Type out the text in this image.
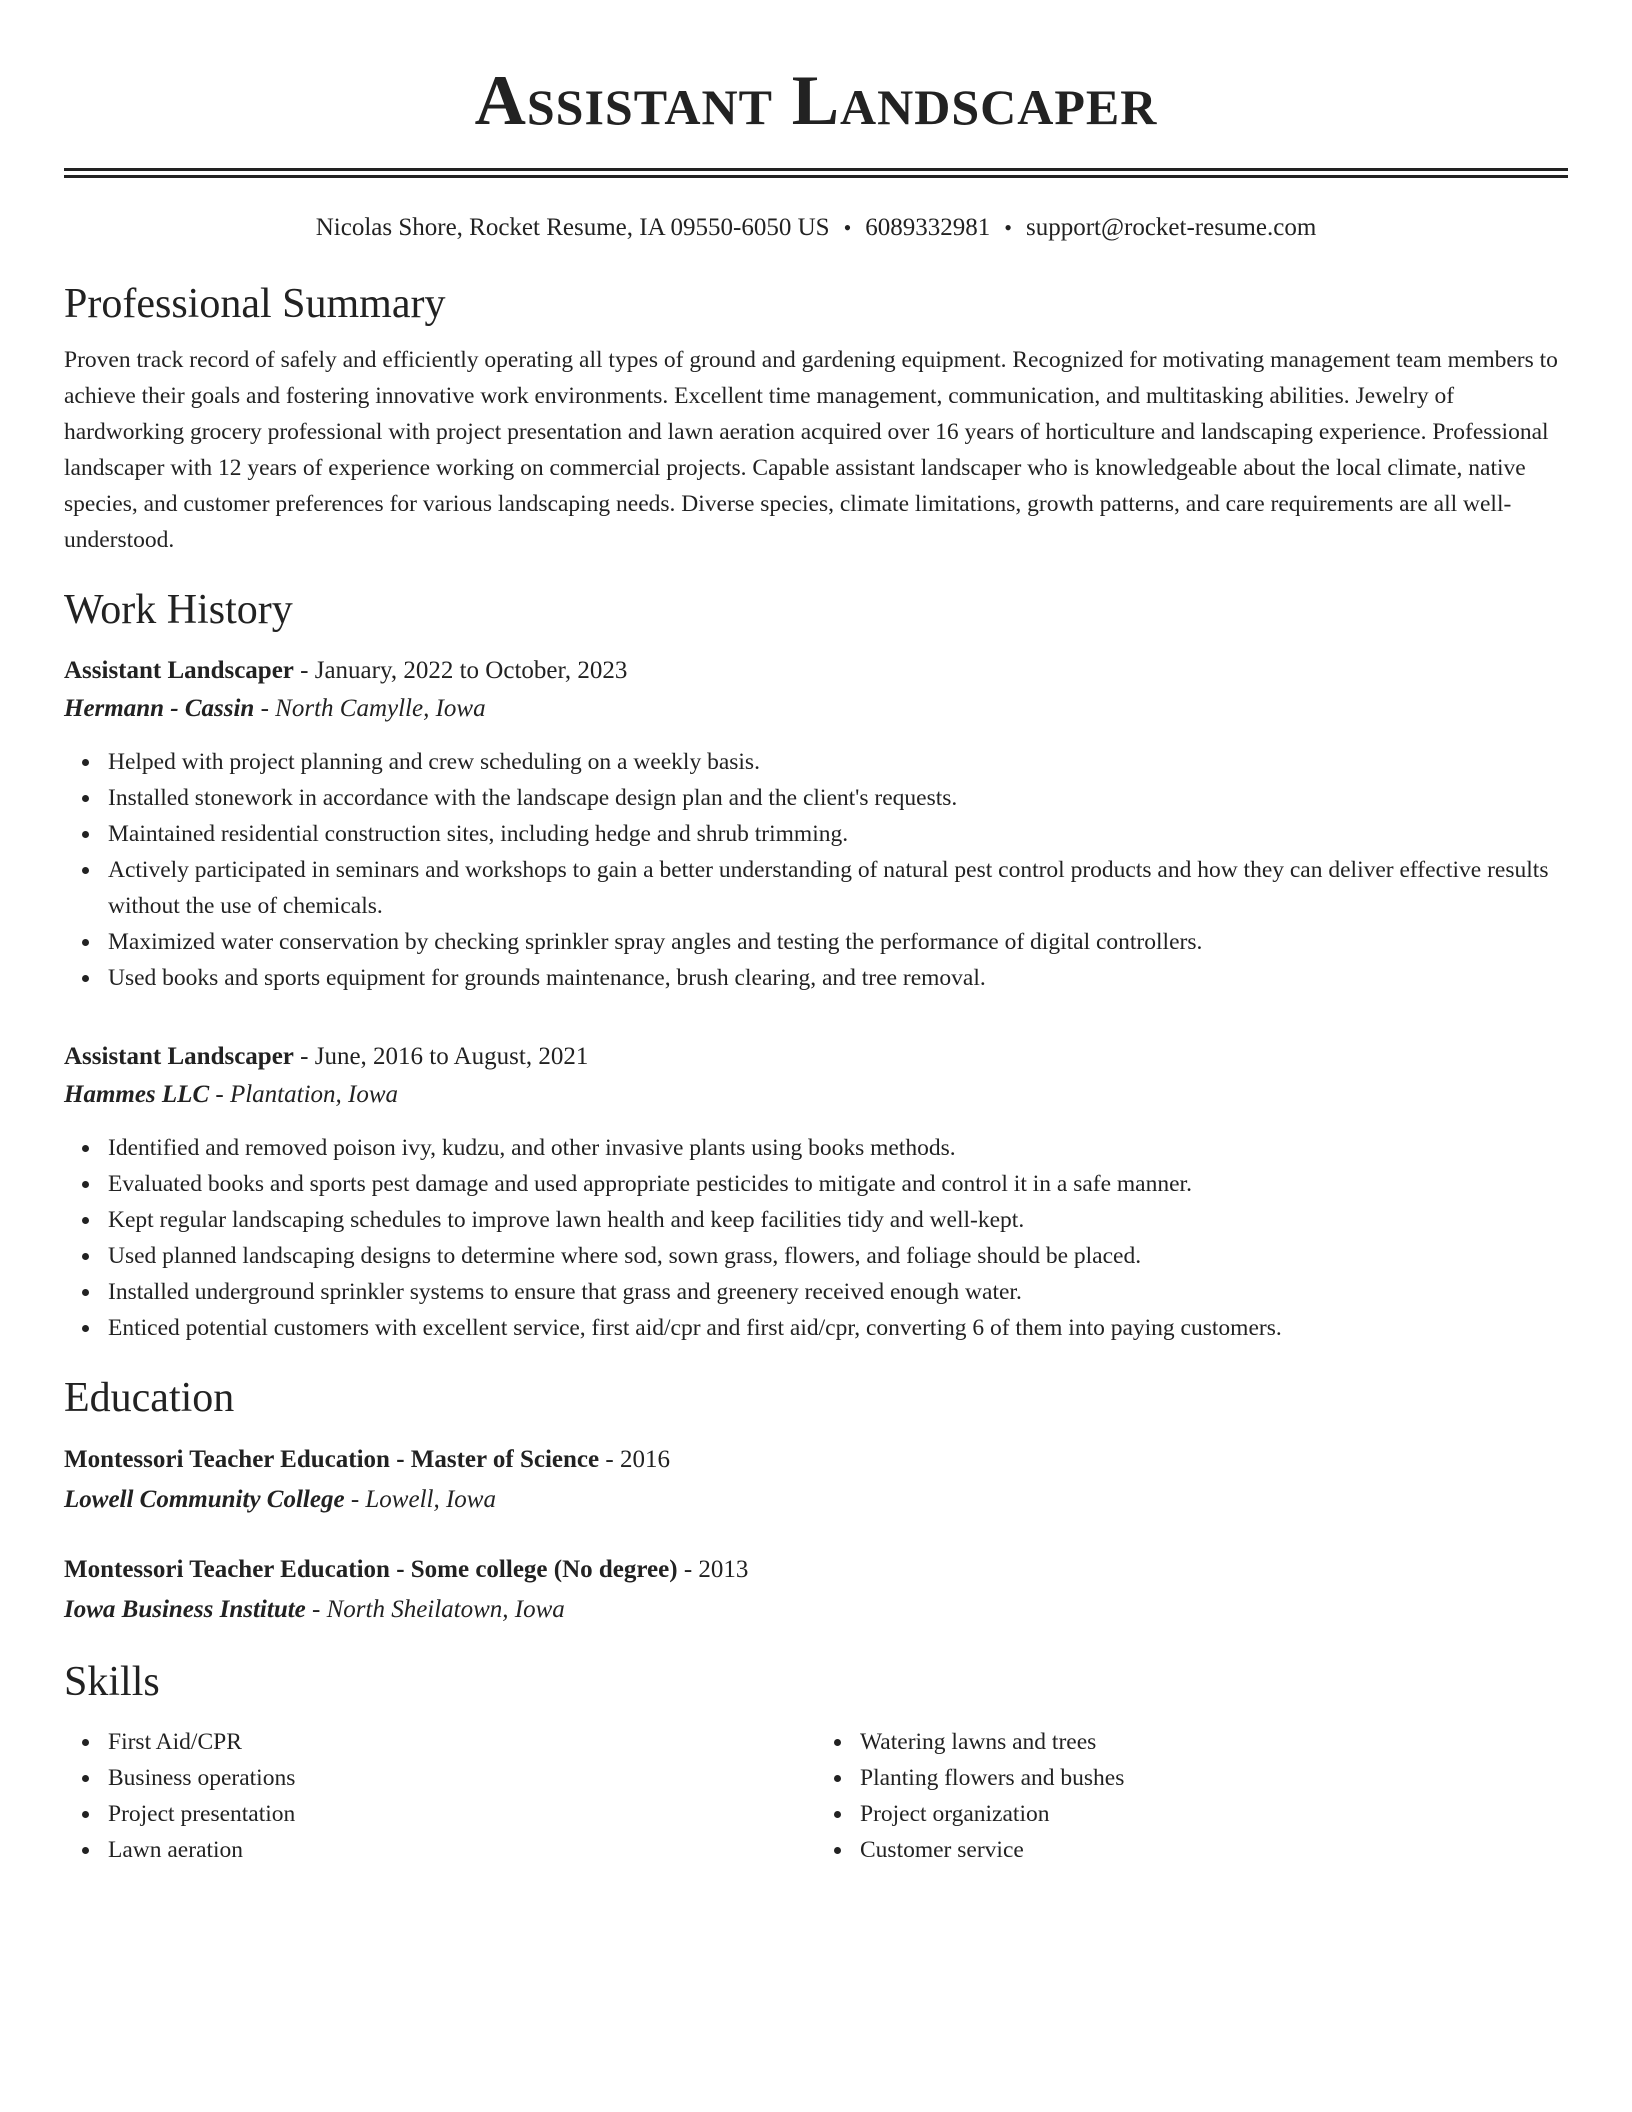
Assistant Landscaper
Nicolas Shore, Rocket Resume, IA 09550-6050 US • 6089332981 • support@rocket-resume.com
Professional Summary
Proven track record of safely and efficiently operating all types of ground and gardening equipment. Recognized for motivating management team members to achieve their goals and fostering innovative work environments. Excellent time management, communication, and multitasking abilities. Jewelry of hardworking grocery professional with project presentation and lawn aeration acquired over 16 years of horticulture and landscaping experience. Professional landscaper with 12 years of experience working on commercial projects. Capable assistant landscaper who is knowledgeable about the local climate, native species, and customer preferences for various landscaping needs. Diverse species, climate limitations, growth patterns, and care requirements are all well-understood.
Work History
Assistant Landscaper - January, 2022 to October, 2023
Hermann - Cassin - North Camylle, Iowa
Helped with project planning and crew scheduling on a weekly basis.
Installed stonework in accordance with the landscape design plan and the client's requests.
Maintained residential construction sites, including hedge and shrub trimming.
Actively participated in seminars and workshops to gain a better understanding of natural pest control products and how they can deliver effective results without the use of chemicals.
Maximized water conservation by checking sprinkler spray angles and testing the performance of digital controllers.
Used books and sports equipment for grounds maintenance, brush clearing, and tree removal.
Assistant Landscaper - June, 2016 to August, 2021
Hammes LLC - Plantation, Iowa
Identified and removed poison ivy, kudzu, and other invasive plants using books methods.
Evaluated books and sports pest damage and used appropriate pesticides to mitigate and control it in a safe manner.
Kept regular landscaping schedules to improve lawn health and keep facilities tidy and well-kept.
Used planned landscaping designs to determine where sod, sown grass, flowers, and foliage should be placed.
Installed underground sprinkler systems to ensure that grass and greenery received enough water.
Enticed potential customers with excellent service, first aid/cpr and first aid/cpr, converting 6 of them into paying customers.
Education
Montessori Teacher Education - Master of Science - 2016
Lowell Community College - Lowell, Iowa
Montessori Teacher Education - Some college (No degree) - 2013
Iowa Business Institute - North Sheilatown, Iowa
Skills
First Aid/CPR
Business operations
Project presentation
Lawn aeration
Watering lawns and trees
Planting flowers and bushes
Project organization
Customer service
